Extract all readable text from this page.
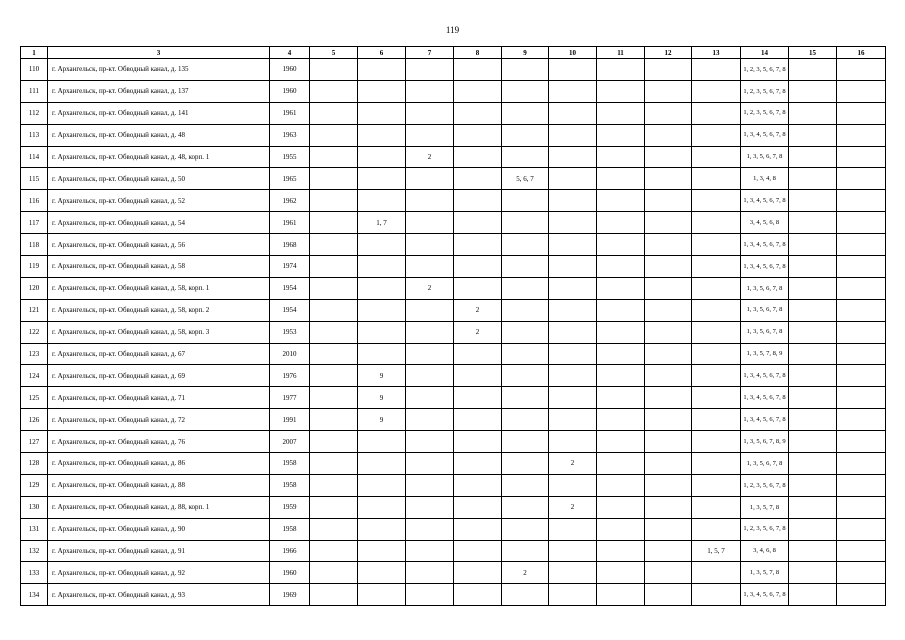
119
1	3	4	5	6	7	8	9	10	11	12	13	14	15	16
110	г. Архангельск, пр-кт. Обводный канал, д. 135	1960										1, 2, 3, 5, 6, 7, 8		
111	г. Архангельск, пр-кт. Обводный канал, д. 137	1960										1, 2, 3, 5, 6, 7, 8		
112	г. Архангельск, пр-кт. Обводный канал, д. 141	1961										1, 2, 3, 5, 6, 7, 8		
113	г. Архангельск, пр-кт. Обводный канал, д. 48	1963										1, 3, 4, 5, 6, 7, 8		
114	г. Архангельск, пр-кт. Обводный канал, д. 48, корп. 1	1955			2							1, 3, 5, 6, 7, 8		
115	г. Архангельск, пр-кт. Обводный канал, д. 50	1965					5, 6, 7					1, 3, 4, 8		
116	г. Архангельск, пр-кт. Обводный канал, д. 52	1962										1, 3, 4, 5, 6, 7, 8		
117	г. Архангельск, пр-кт. Обводный канал, д. 54	1961		1, 7								3, 4, 5, 6, 8		
118	г. Архангельск, пр-кт. Обводный канал, д. 56	1968										1, 3, 4, 5, 6, 7, 8		
119	г. Архангельск, пр-кт. Обводный канал, д. 58	1974										1, 3, 4, 5, 6, 7, 8		
120	г. Архангельск, пр-кт. Обводный канал, д. 58, корп. 1	1954			2							1, 3, 5, 6, 7, 8		
121	г. Архангельск, пр-кт. Обводный канал, д. 58, корп. 2	1954				2						1, 3, 5, 6, 7, 8		
122	г. Архангельск, пр-кт. Обводный канал, д. 58, корп. 3	1953				2						1, 3, 5, 6, 7, 8		
123	г. Архангельск, пр-кт. Обводный канал, д. 67	2010										1, 3, 5, 7, 8, 9		
124	г. Архангельск, пр-кт. Обводный канал, д. 69	1976		9								1, 3, 4, 5, 6, 7, 8		
125	г. Архангельск, пр-кт. Обводный канал, д. 71	1977		9								1, 3, 4, 5, 6, 7, 8		
126	г. Архангельск, пр-кт. Обводный канал, д. 72	1991		9								1, 3, 4, 5, 6, 7, 8		
127	г. Архангельск, пр-кт. Обводный канал, д. 76	2007										1, 3, 5, 6, 7, 8, 9		
128	г. Архангельск, пр-кт. Обводный канал, д. 86	1958						2				1, 3, 5, 6, 7, 8		
129	г. Архангельск, пр-кт. Обводный канал, д. 88	1958										1, 2, 3, 5, 6, 7, 8		
130	г. Архангельск, пр-кт. Обводный канал, д. 88, корп. 1	1959						2				1, 3, 5, 7, 8		
131	г. Архангельск, пр-кт. Обводный канал, д. 90	1958										1, 2, 3, 5, 6, 7, 8		
132	г. Архангельск, пр-кт. Обводный канал, д. 91	1966									1, 5, 7	3, 4, 6, 8		
133	г. Архангельск, пр-кт. Обводный канал, д. 92	1960					2					1, 3, 5, 7, 8		
134	г. Архангельск, пр-кт. Обводный канал, д. 93	1969										1, 3, 4, 5, 6, 7, 8		
